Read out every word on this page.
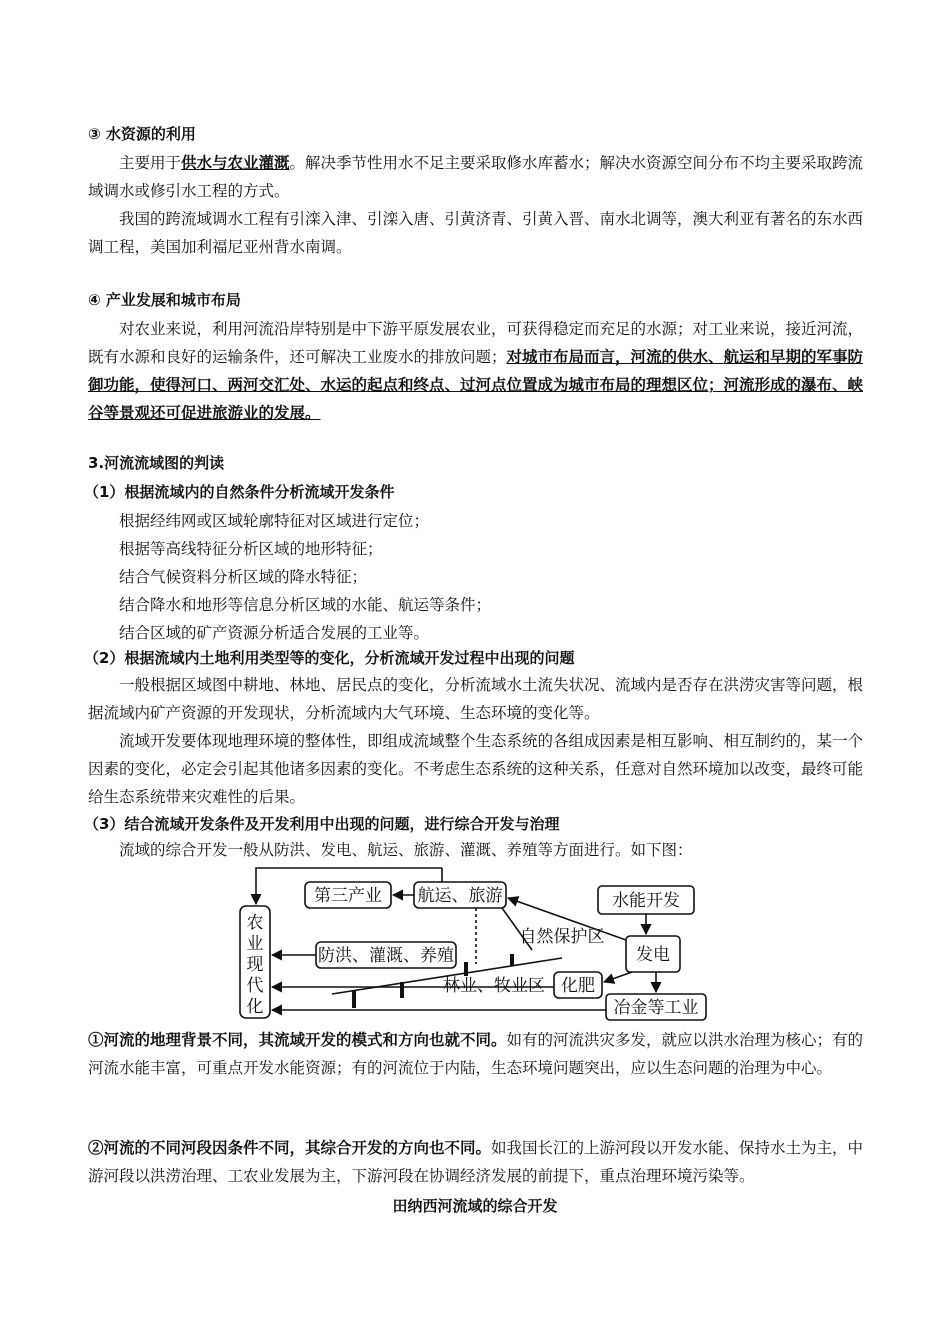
③ 水资源的利用

主要用于供水与农业灌溉。解决季节性用水不足主要采取修水库蓄水；解决水资源空间分布不均主要采取跨流域调水或修引水工程的方式。

我国的跨流域调水工程有引滦入津、引滦入唐、引黄济青、引黄入晋、南水北调等，澳大利亚有著名的东水西调工程，美国加利福尼亚州背水南调。

④ 产业发展和城市布局

对农业来说，利用河流沿岸特别是中下游平原发展农业，可获得稳定而充足的水源；对工业来说，接近河流，既有水源和良好的运输条件，还可解决工业废水的排放问题；对城市布局而言，河流的供水、航运和早期的军事防御功能，使得河口、两河交汇处、水运的起点和终点、过河点位置成为城市布局的理想区位；河流形成的瀑布、峡谷等景观还可促进旅游业的发展。

3.河流流域图的判读
（1）根据流域内的自然条件分析流域开发条件
根据经纬网或区域轮廓特征对区域进行定位；
根据等高线特征分析区域的地形特征；
结合气候资料分析区域的降水特征；
结合降水和地形等信息分析区域的水能、航运等条件；
结合区域的矿产资源分析适合发展的工业等。
（2）根据流域内土地利用类型等的变化，分析流域开发过程中出现的问题

一般根据区域图中耕地、林地、居民点的变化，分析流域水土流失状况、流域内是否存在洪涝灾害等问题，根据流域内矿产资源的开发现状，分析流域内大气环境、生态环境的变化等。

流域开发要体现地理环境的整体性，即组成流域整个生态系统的各组成因素是相互影响、相互制约的，某一个因素的变化，必定会引起其他诸多因素的变化。不考虑生态系统的这种关系，任意对自然环境加以改变，最终可能给生态系统带来灾难性的后果。

（3）结合流域开发条件及开发利用中出现的问题，进行综合开发与治理

流域的综合开发一般从防洪、发电、航运、旅游、灌溉、养殖等方面进行。如下图：

农
业
现
代
化
第三产业 航运、旅游	水能开发
自然保护区
发电
防洪、灌溉、养殖
林业、牧业区 化肥
冶金等工业

①河流的地理背景不同，其流域开发的模式和方向也就不同。如有的河流洪灾多发，就应以洪水治理为核心；有的河流水能丰富，可重点开发水能资源；有的河流位于内陆，生态环境问题突出，应以生态问题的治理为中心。

②河流的不同河段因条件不同，其综合开发的方向也不同。如我国长江的上游河段以开发水能、保持水土为主，中游河段以洪涝治理、工农业发展为主，下游河段在协调经济发展的前提下，重点治理环境污染等。

田纳西河流域的综合开发
